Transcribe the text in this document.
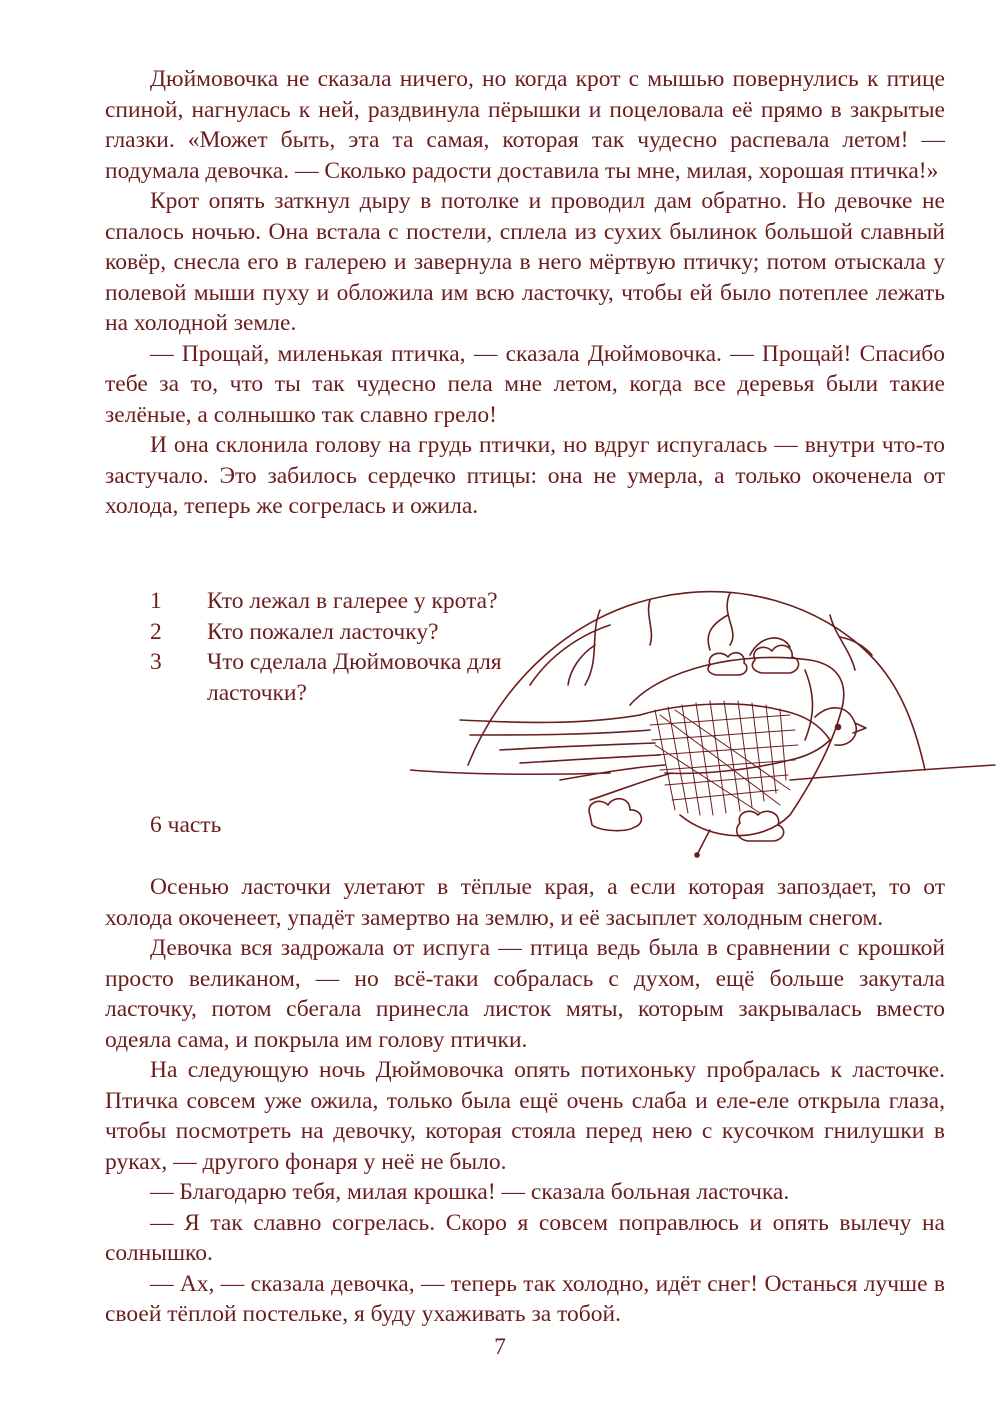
Дюймовочка не сказала ничего, но когда крот с мышью повернулись к птице спиной, нагнулась к ней, раздвинула пёрышки и поцеловала её прямо в закрытые глазки. «Может быть, эта та самая, которая так чудесно распевала летом! — подумала девочка. — Сколько радости доставила ты мне, милая, хорошая птичка!»

Крот опять заткнул дыру в потолке и проводил дам обратно. Но девочке не спалось ночью. Она встала с постели, сплела из сухих былинок большой славный ковёр, снесла его в галерею и завернула в него мёртвую птичку; потом отыскала у полевой мыши пуху и обложила им всю ласточку, чтобы ей было потеплее лежать на холодной земле.

— Прощай, миленькая птичка, — сказала Дюймовочка. — Прощай! Спасибо тебе за то, что ты так чудесно пела мне летом, когда все деревья были такие зелёные, а солнышко так славно грело!

И она склонила голову на грудь птички, но вдруг испугалась — внутри что-то застучало. Это забилось сердечко птицы: она не умерла, а только окоченела от холода, теперь же согрелась и ожила.

1	Кто лежал в галерее у крота?
2	Кто пожалел ласточку?
3	Что сделала Дюймовочка для ласточки?
6 часть

Осенью ласточки улетают в тёплые края, а если которая запоздает, то от холода окоченеет, упадёт замертво на землю, и её засыплет холодным снегом.

Девочка вся задрожала от испуга — птица ведь была в сравнении с крошкой просто великаном, — но всё-таки собралась с духом, ещё больше закутала ласточку, потом сбегала принесла листок мяты, которым закрывалась вместо одеяла сама, и покрыла им голову птички.

На следующую ночь Дюймовочка опять потихоньку пробралась к ласточке. Птичка совсем уже ожила, только была ещё очень слаба и еле-еле открыла глаза, чтобы посмотреть на девочку, которая стояла перед нею с кусочком гнилушки в руках, — другого фонаря у неё не было.

— Благодарю тебя, милая крошка! — сказала больная ласточка.

— Я так славно согрелась. Скоро я совсем поправлюсь и опять вылечу на солнышко.

— Ах, — сказала девочка, — теперь так холодно, идёт снег! Останься лучше в своей тёплой постельке, я буду ухаживать за тобой.

7
